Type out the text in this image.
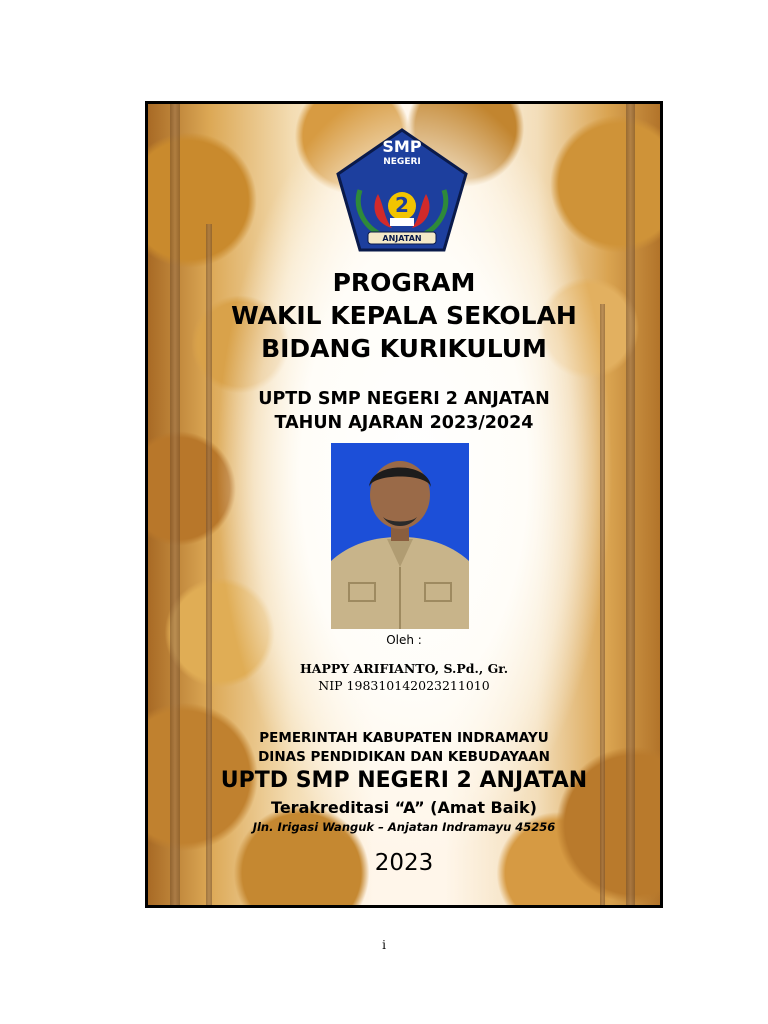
SMP
NEGERI
2
ANJATAN
PROGRAM
WAKIL KEPALA SEKOLAH
BIDANG KURIKULUM
UPTD SMP NEGERI 2 ANJATAN
TAHUN AJARAN 2023/2024
Oleh :
HAPPY ARIFIANTO, S.Pd., Gr.
NIP 198310142023211010
PEMERINTAH KABUPATEN INDRAMAYU
DINAS PENDIDIKAN DAN KEBUDAYAAN
UPTD SMP NEGERI 2 ANJATAN
Terakreditasi “A” (Amat Baik)
Jln. Irigasi Wanguk – Anjatan Indramayu 45256
2023
i
